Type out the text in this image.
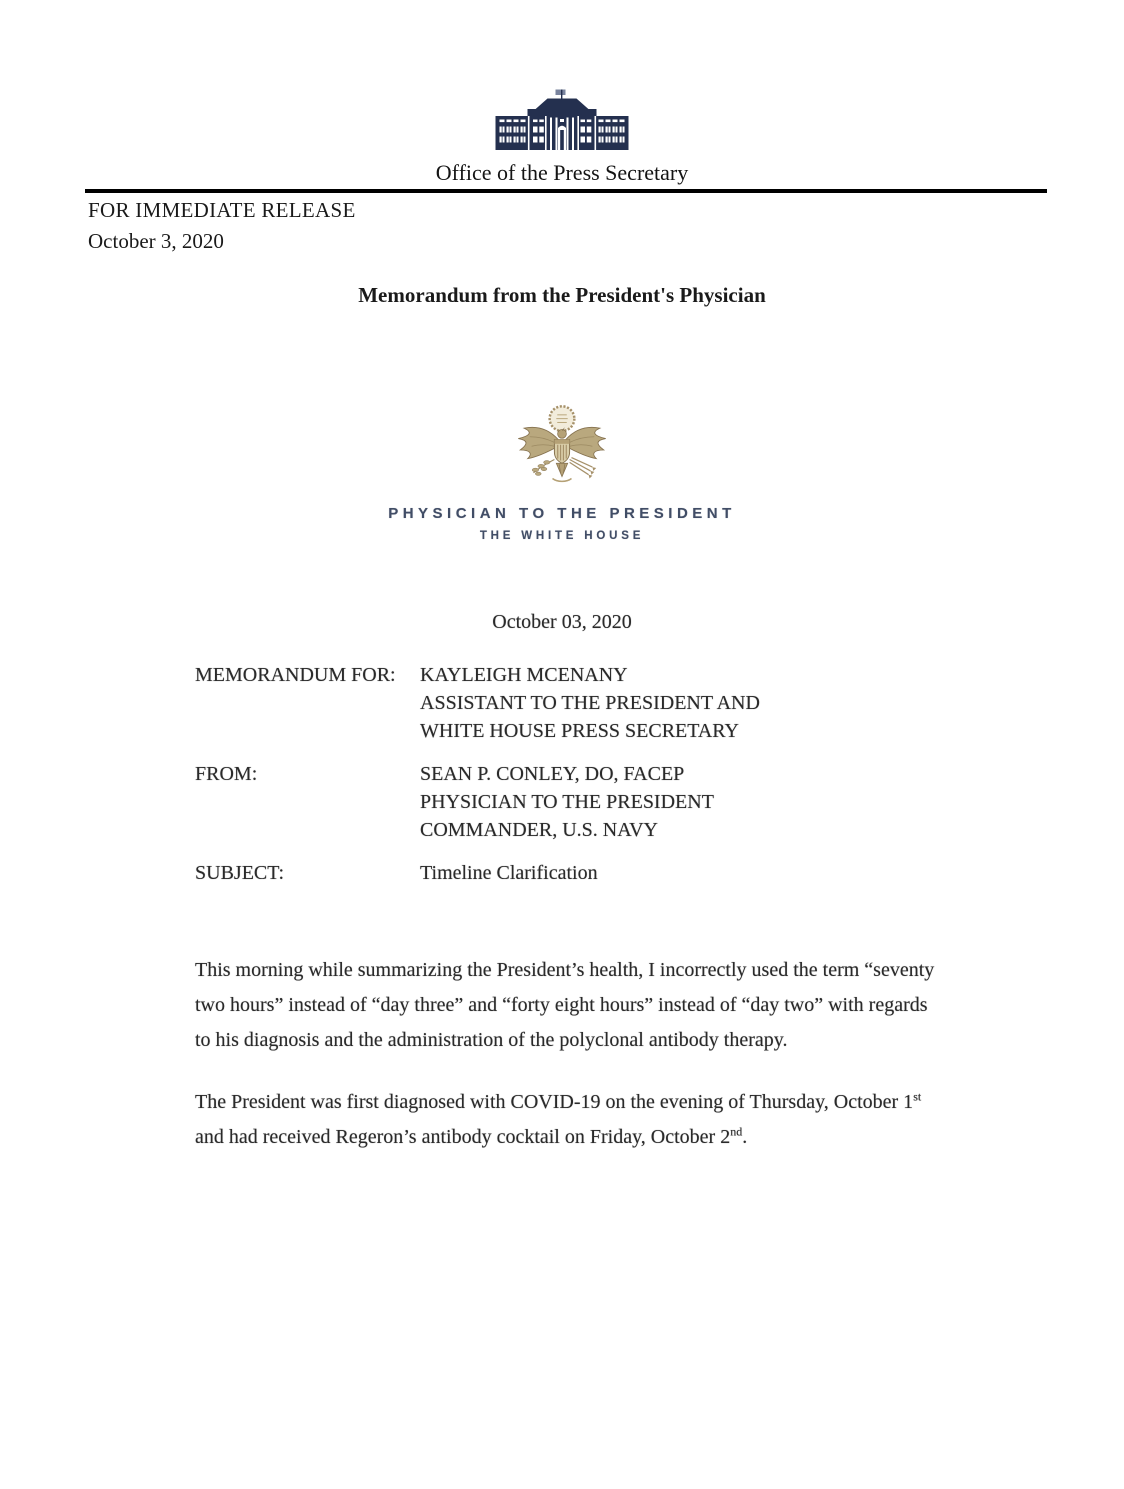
Office of the Press Secretary
FOR IMMEDIATE RELEASE
October 3, 2020
Memorandum from the President's Physician
PHYSICIAN TO THE PRESIDENT
THE WHITE HOUSE
October 03, 2020
MEMORANDUM FOR:	KAYLEIGH MCENANY
ASSISTANT TO THE PRESIDENT AND
WHITE HOUSE PRESS SECRETARY
FROM:	SEAN P. CONLEY, DO, FACEP
PHYSICIAN TO THE PRESIDENT
COMMANDER, U.S. NAVY
SUBJECT:	Timeline Clarification

This morning while summarizing the President’s health, I incorrectly used the term “seventy two hours” instead of “day three” and “forty eight hours” instead of “day two” with regards to his diagnosis and the administration of the polyclonal antibody therapy.

The President was first diagnosed with COVID-19 on the evening of Thursday, October 1st and had received Regeron’s antibody cocktail on Friday, October 2nd.
